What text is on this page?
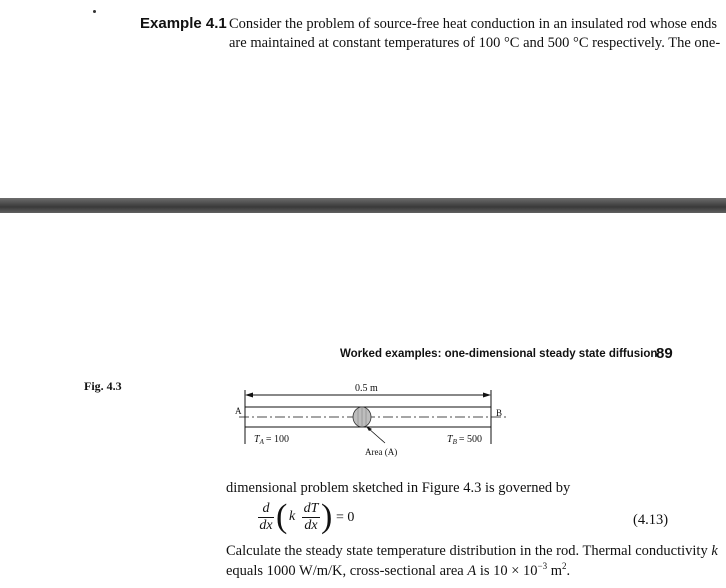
Example 4.1 Consider the problem of source-free heat conduction in an insulated rod whose ends
are maintained at constant temperatures of 100 °C and 500 °C respectively. The one-
Worked examples: one-dimensional steady state diffusion
89
Fig. 4.3	0.5 m
A	B
Area (A)
$T_A = 100$	$T_B = 500$
dimensional problem sketched in Figure 4.3 is governed by
d
dx ( k
dT
dx ) = 0	(4.13)
Calculate the steady state temperature distribution in the rod. Thermal conductivity k
equals 1000 W/m/K, cross-sectional area A is $10 \times 10^{-3}$ $m^2$.
